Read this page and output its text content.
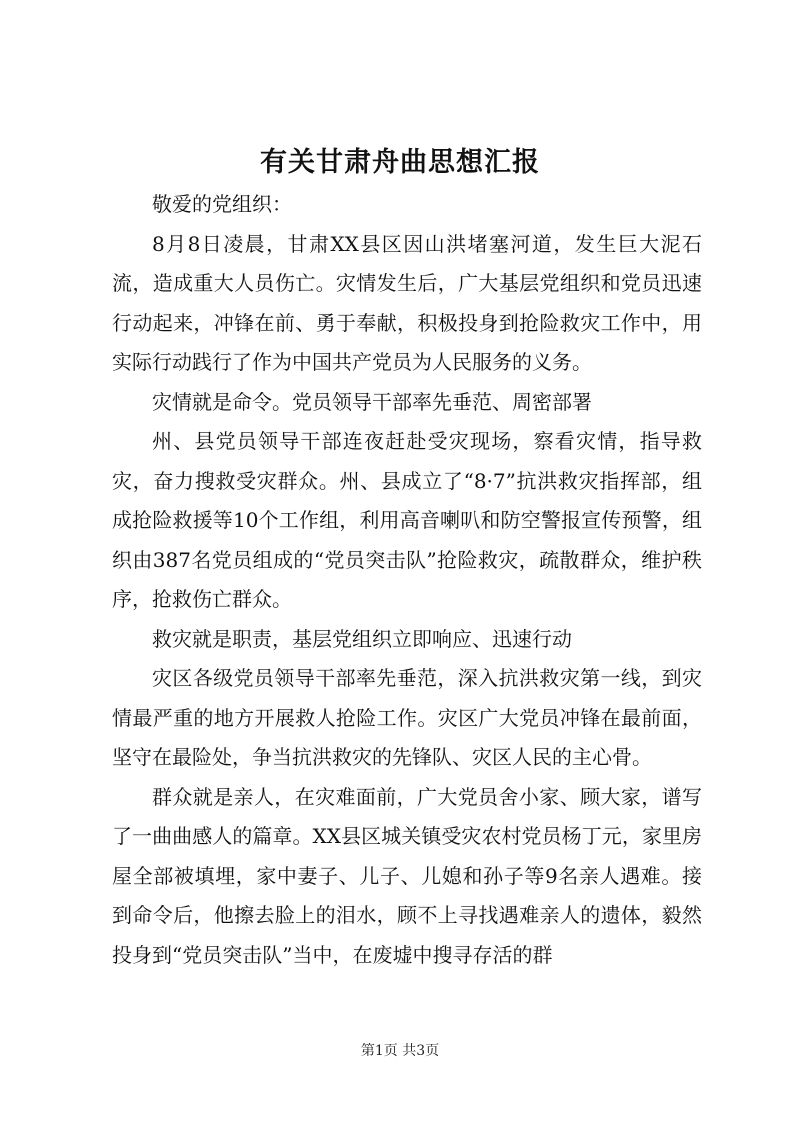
有关甘肃舟曲思想汇报

敬爱的党组织：

8月8日凌晨，甘肃XX县区因山洪堵塞河道，发生巨大泥石流，造成重大人员伤亡。灾情发生后，广大基层党组织和党员迅速行动起来，冲锋在前、勇于奉献，积极投身到抢险救灾工作中，用实际行动践行了作为中国共产党员为人民服务的义务。

灾情就是命令。党员领导干部率先垂范、周密部署

州、县党员领导干部连夜赶赴受灾现场，察看灾情，指导救灾，奋力搜救受灾群众。州、县成立了“8·7”抗洪救灾指挥部，组成抢险救援等10个工作组，利用高音喇叭和防空警报宣传预警，组织由387名党员组成的“党员突击队”抢险救灾，疏散群众，维护秩序，抢救伤亡群众。

救灾就是职责，基层党组织立即响应、迅速行动

灾区各级党员领导干部率先垂范，深入抗洪救灾第一线，到灾情最严重的地方开展救人抢险工作。灾区广大党员冲锋在最前面，坚守在最险处，争当抗洪救灾的先锋队、灾区人民的主心骨。

群众就是亲人，在灾难面前，广大党员舍小家、顾大家，谱写了一曲曲感人的篇章。XX县区城关镇受灾农村党员杨丁元，家里房屋全部被填埋，家中妻子、儿子、儿媳和孙子等9名亲人遇难。接到命令后，他擦去脸上的泪水，顾不上寻找遇难亲人的遗体，毅然投身到“党员突击队”当中，在废墟中搜寻存活的群

第1页 共3页
